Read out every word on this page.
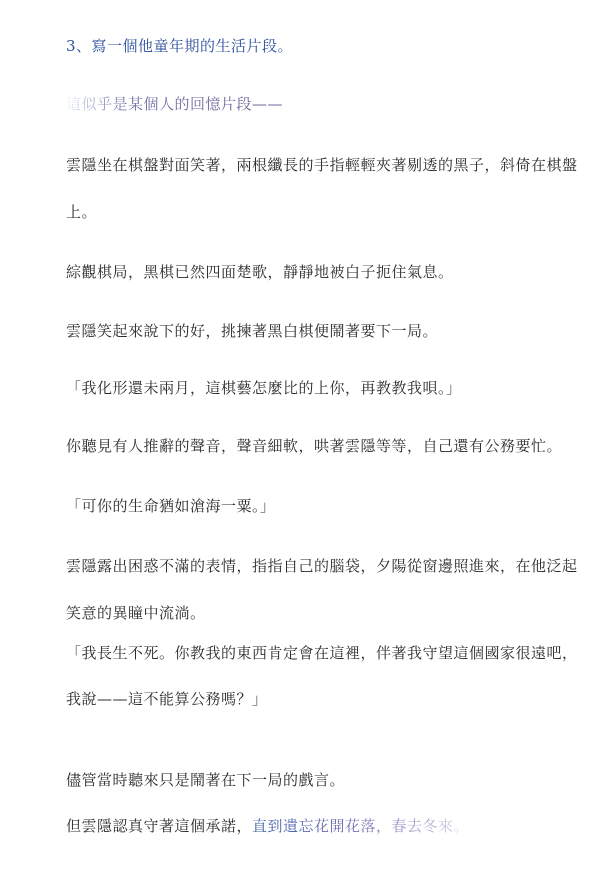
3、寫一個他童年期的生活片段。
這似乎是某個人的回憶片段——
雲隱坐在棋盤對面笑著，兩根纖長的手指輕輕夾著剔透的黑子，斜倚在棋盤
上。
綜觀棋局，黑棋已然四面楚歌，靜靜地被白子扼住氣息。
雲隱笑起來說下的好，挑揀著黑白棋便鬧著要下一局。
「我化形還未兩月，這棋藝怎麼比的上你，再教教我唄。」
你聽見有人推辭的聲音，聲音細軟，哄著雲隱等等，自己還有公務要忙。
「可你的生命猶如滄海一粟。」
雲隱露出困惑不滿的表情，指指自己的腦袋，夕陽從窗邊照進來，在他泛起
笑意的異瞳中流淌。
「我長生不死。你教我的東西肯定會在這裡，伴著我守望這個國家很遠吧，
我說——這不能算公務嗎？」
儘管當時聽來只是鬧著在下一局的戲言。
但雲隱認真守著這個承諾，直到遺忘花開花落，春去冬來。
